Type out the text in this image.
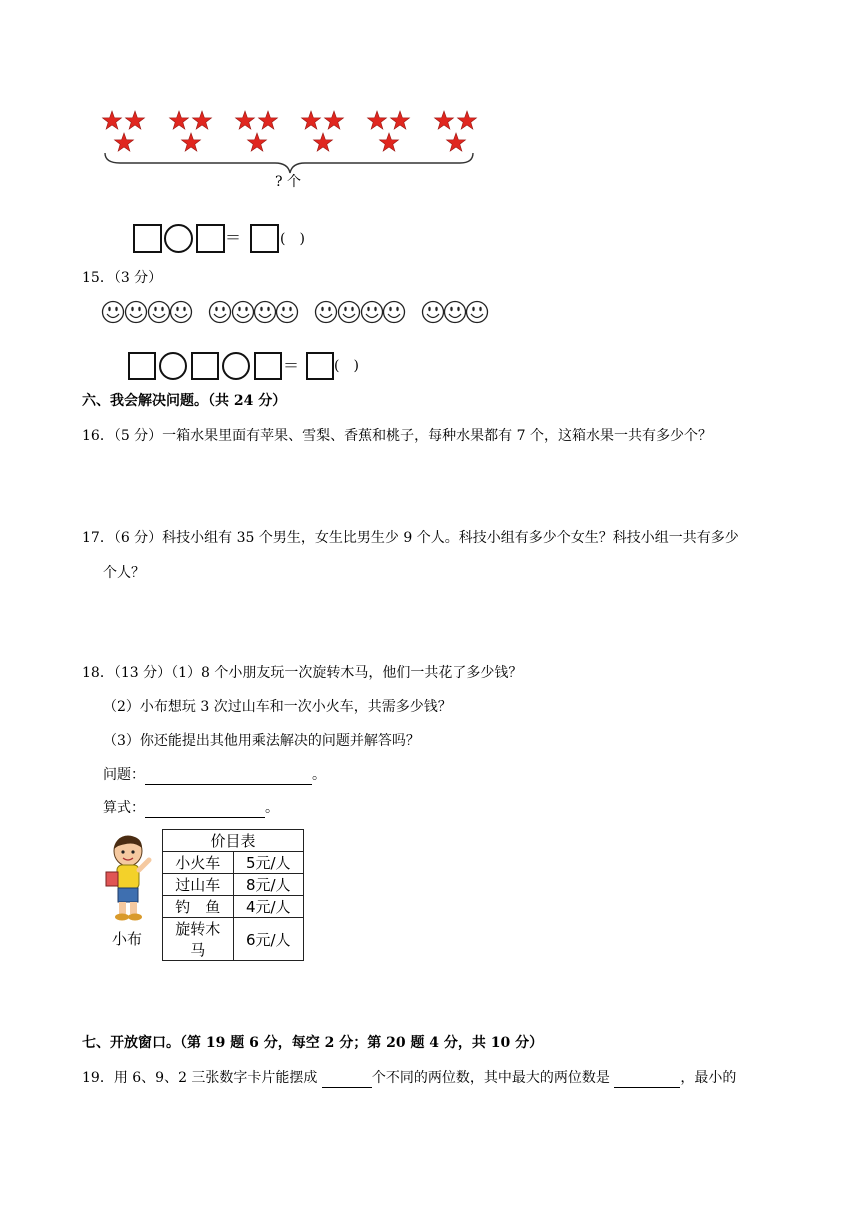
? 个
＝	(　)
15．（3 分）
＝ (　)
六、我会解决问题。（共 24 分）
16．（5 分）一箱水果里面有苹果、雪梨、香蕉和桃子，每种水果都有 7 个，这箱水果一共有多少个？
17．（6 分）科技小组有 35 个男生，女生比男生少 9 个人。科技小组有多少个女生？科技小组一共有多少
个人？
18．（13 分）（1）8 个小朋友玩一次旋转木马，他们一共花了多少钱？
（2）小布想玩 3 次过山车和一次小火车，共需多少钱？
（3）你还能提出其他用乘法解决的问题并解答吗？
问题：	。
算式：	。
小布
价目表	
小火车	5元/人
过山车	8元/人
钓　鱼	4元/人
旋转木马	6元/人
七、开放窗口。（第 19 题 6 分，每空 2 分；第 20 题 4 分，共 10 分）
19．用 6、9、2 三张数字卡片能摆成	个不同的两位数，其中最大的两位数是	，最小的
